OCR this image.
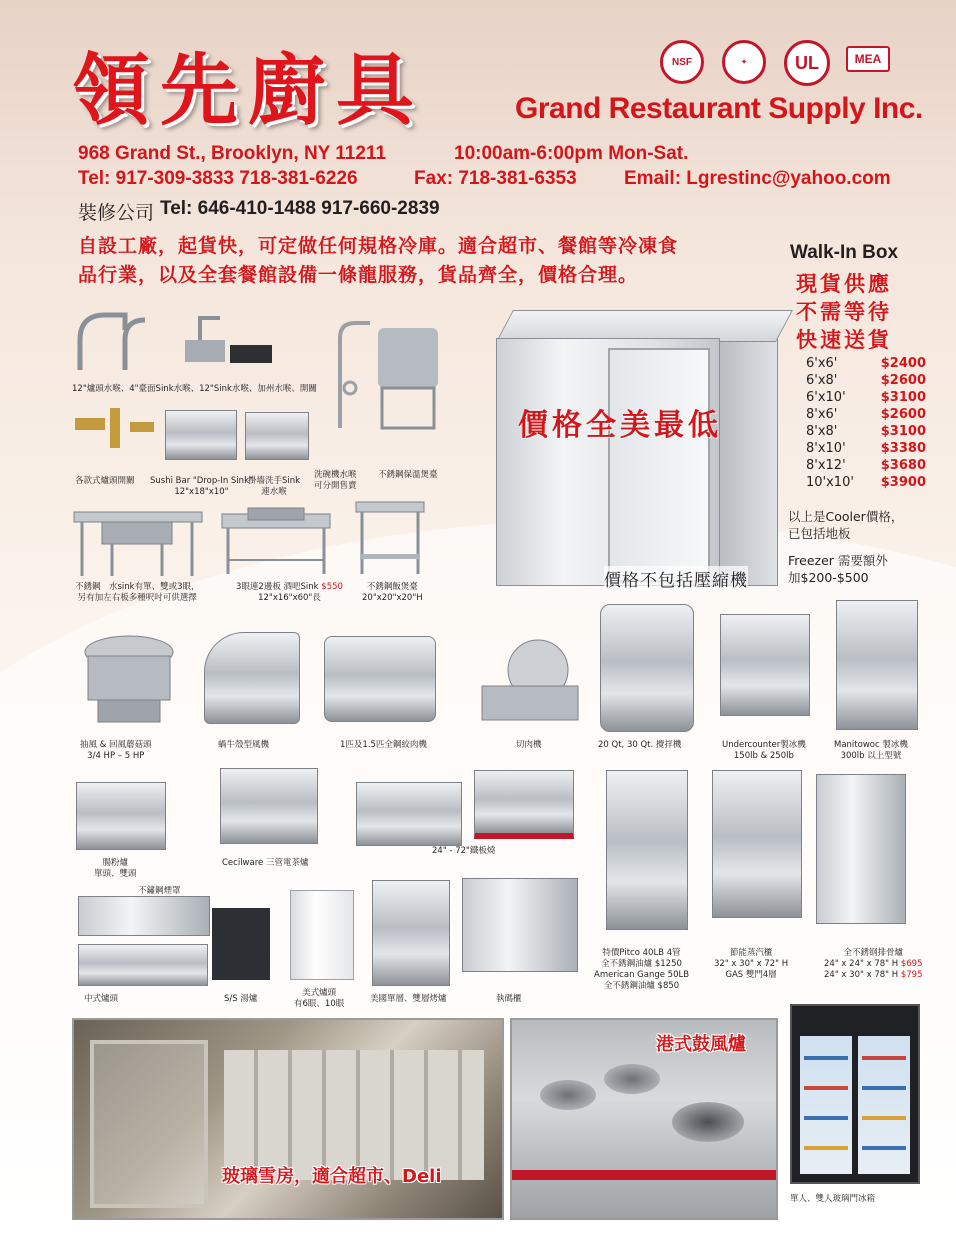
領先廚具	Grand Restaurant Supply Inc.
NSF	✦	UL	MEA
968 Grand St., Brooklyn, NY 11211	10:00am-6:00pm Mon-Sat.
Tel: 917-309-3833 718-381-6226	Fax: 718-381-6353 Email: Lgrestinc@yahoo.com
裝修公司 Tel: 646-410-1488 917-660-2839
自設工廠，起貨快，可定做任何規格冷庫。適合超市、餐館等冷凍食
品行業，以及全套餐館設備一條龍服務，貨品齊全，價格合理。
Walk-In Box
現貨供應
不需等待
快速送貨
6'x6'	$2400
6'x8'	$2600
6'x10'	$3100
8'x6'	$2600
8'x8'	$3100
8'x10'	$3380
8'x12'	$3680
10'x10' $3900
以上是Cooler價格，
已包括地板
Freezer 需要額外
加$200-$500
價格全美最低
價格不包括壓縮機
12"爐頭水喉、4"臺面Sink水喉、12"Sink水喉、加州水喉、開關
各款式爐頭開關 Sushi Bar "Drop-In Sink"
12"x18"x10"
掛墻洗手Sink
連水喉
洗碗機水喉
可分開售賣
不銹鋼保溫煲臺
不銹鋼　水sink有單、雙或3眼，
另有加左右板多種呎吋可供選擇
3眼連2邊板 酒吧Sink $550
12"x16"x60"長
不銹鋼飯煲臺
20"x20"x20"H
抽風 & 回風蘑菇頭
3/4 HP – 5 HP
蝸牛殼型風機	1匹及1.5匹全鋼絞肉機	切肉機	20 Qt, 30 Qt. 攪拌機	Undercounter製冰機
150lb & 250lb
Manitowoc 製冰機
300lb 以上型號
腸粉爐
單頭、雙頭
Cecilware 三管電茶爐
24" - 72"鐵板燒
特價Pitco 40LB 4管
全不銹鋼油爐 $1250
American Gange 50LB
全不銹鋼油爐 $850
節能蒸汽櫃
32" x 30" x 72" H
GAS 雙門4層
全不銹钢排骨爐
24" x 24" x 78" H $695
24" x 30" x 78" H $795
不鏽鋼煙罩
中式爐頭	S/S 湯爐
美式爐頭
有6眼、10眼	美國單層、雙層烤爐	執碼櫃
玻璃雪房，適合超市、Deli
港式鼓風爐
單人、雙人玻璃門冰箱
